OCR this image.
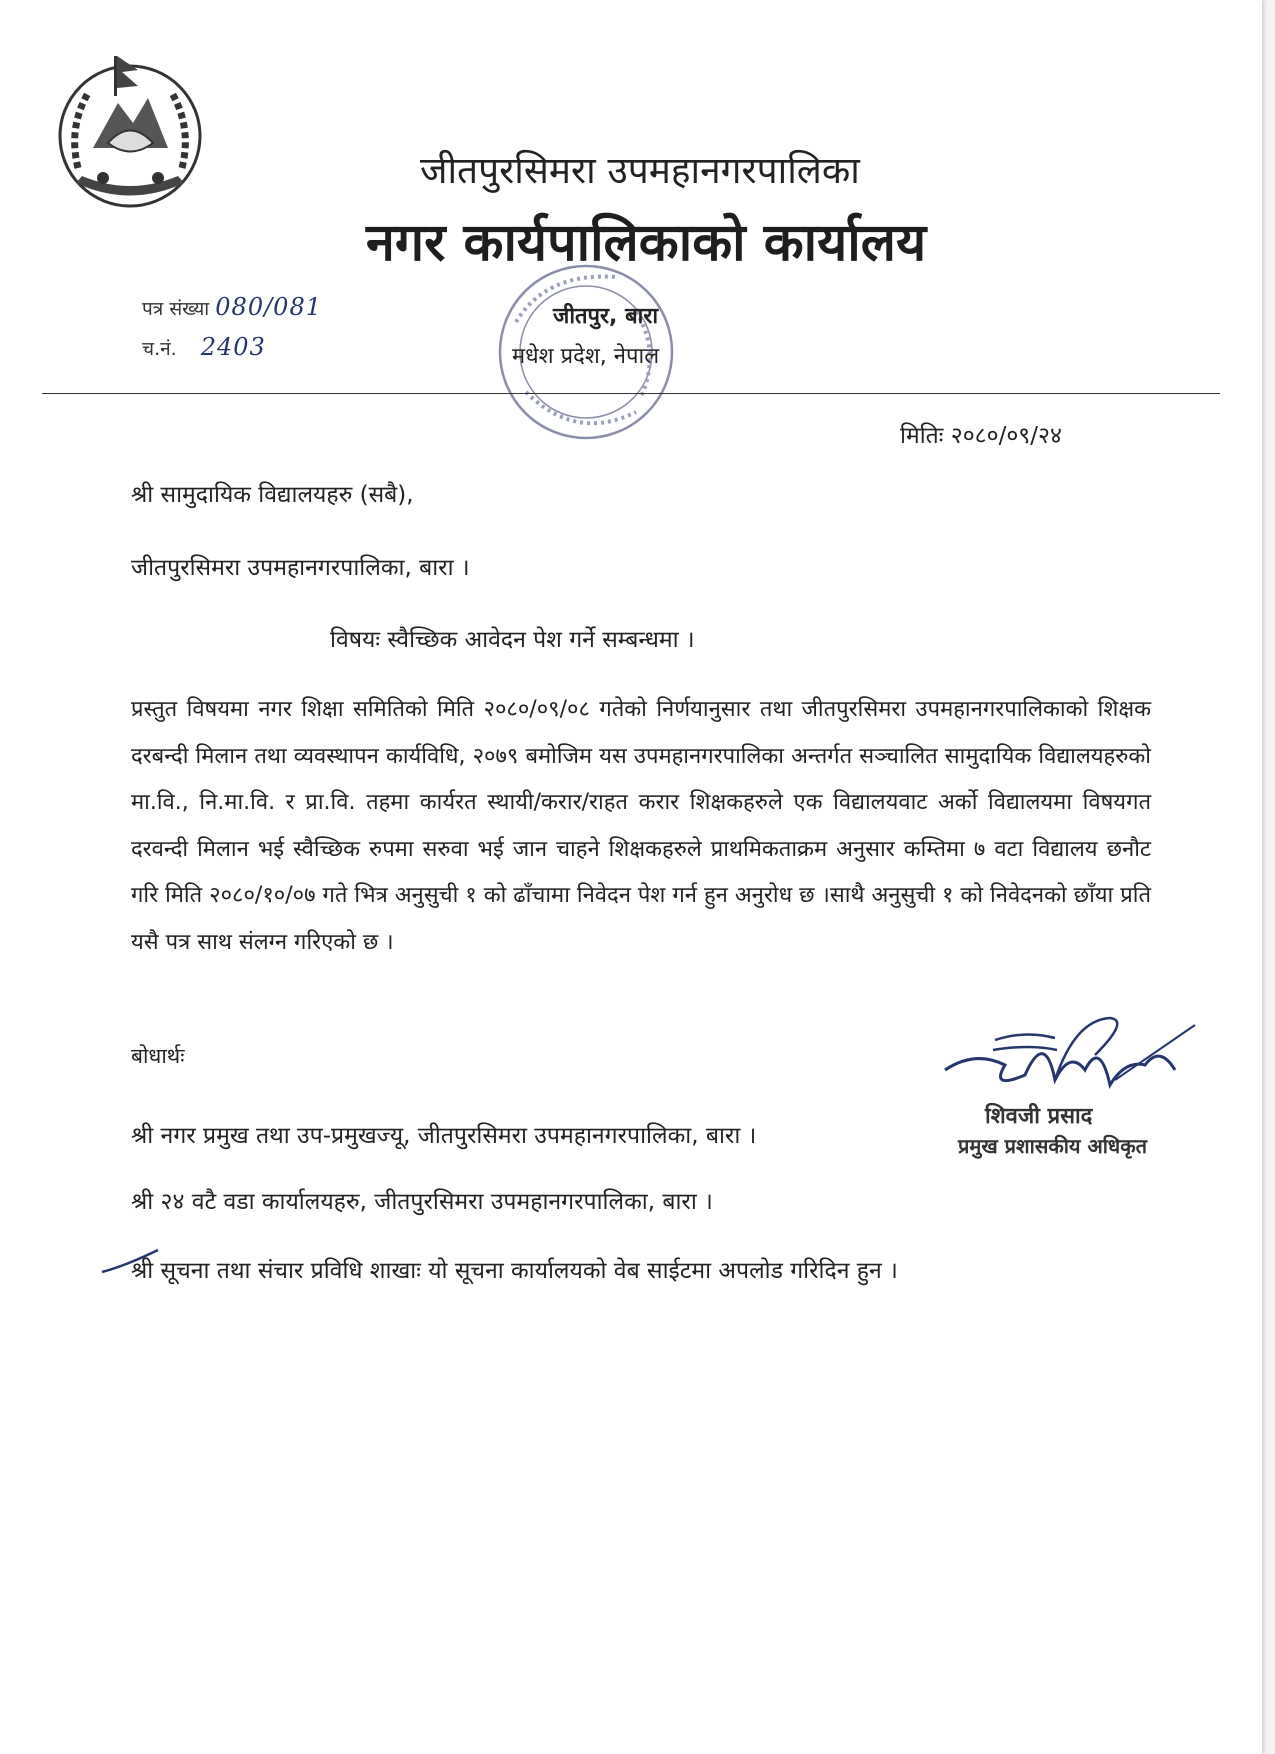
जीतपुरसिमरा उपमहानगरपालिका
नगर कार्यपालिकाको कार्यालय
पत्र संख्या 080/081
च.नं. 2403
जीतपुर, बारा
मधेश प्रदेश, नेपाल
मितिः २०८०/०९/२४
श्री सामुदायिक विद्यालयहरु (सबै),
जीतपुरसिमरा उपमहानगरपालिका, बारा ।
विषयः स्वैच्छिक आवेदन पेश गर्ने सम्बन्धमा ।
प्रस्तुत विषयमा नगर शिक्षा समितिको मिति २०८०/०९/०८ गतेको निर्णयानुसार तथा जीतपुरसिमरा उपमहानगरपालिकाको शिक्षक दरबन्दी मिलान तथा व्यवस्थापन कार्यविधि, २०७९ बमोजिम यस उपमहानगरपालिका अन्तर्गत सञ्चालित सामुदायिक विद्यालयहरुको मा.वि., नि.मा.वि. र प्रा.वि. तहमा कार्यरत स्थायी/करार/राहत करार शिक्षकहरुले एक विद्यालयवाट अर्को विद्यालयमा विषयगत दरवन्दी मिलान भई स्वैच्छिक रुपमा सरुवा भई जान चाहने शिक्षकहरुले प्राथमिकताक्रम अनुसार कम्तिमा ७ वटा विद्यालय छनौट गरि मिति २०८०/१०/०७ गते भित्र अनुसुची १ को ढाँचामा निवेदन पेश गर्न हुन अनुरोध छ ।साथै अनुसुची १ को निवेदनको छाँया प्रति यसै पत्र साथ संलग्न गरिएको छ ।
बोधार्थः
श्री नगर प्रमुख तथा उप-प्रमुखज्यू, जीतपुरसिमरा उपमहानगरपालिका, बारा ।
श्री २४ वटै वडा कार्यालयहरु, जीतपुरसिमरा उपमहानगरपालिका, बारा ।
श्री सूचना तथा संचार प्रविधि शाखाः यो सूचना कार्यालयको वेब साईटमा अपलोड गरिदिन हुन ।
शिवजी प्रसाद
प्रमुख प्रशासकीय अधिकृत
